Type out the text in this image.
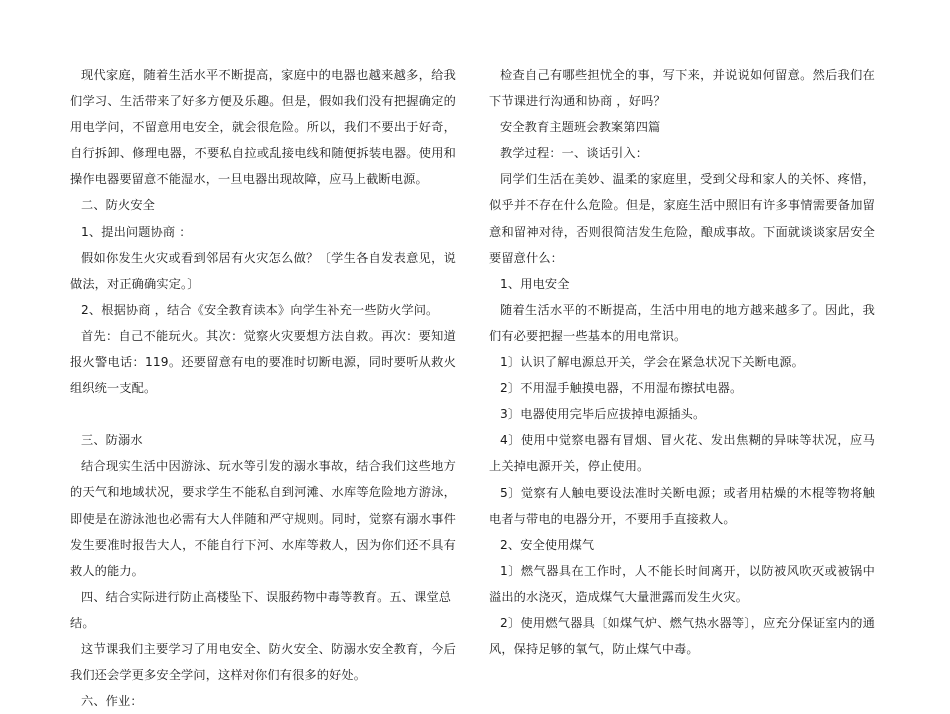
现代家庭，随着生活水平不断提高，家庭中的电器也越来越多，给我们学习、生活带来了好多方便及乐趣。但是，假如我们没有把握确定的用电学问，不留意用电安全，就会很危险。所以，我们不要出于好奇，自行拆卸、修理电器，不要私自拉或乱接电线和随便拆装电器。使用和操作电器要留意不能湿水，一旦电器出现故障，应马上截断电源。

二、防火安全

1、提出问题协商 ：

假如你发生火灾或看到邻居有火灾怎么做？〔学生各自发表意见，说做法，对正确确实定。〕

2、根据协商 ，结合《安全教育读本》向学生补充一些防火学问。

首先：自己不能玩火。其次：觉察火灾要想方法自救。再次：要知道报火警电话：119。还要留意有电的要准时切断电源，同时要听从救火组织统一支配。

三、防溺水

结合现实生活中因游泳、玩水等引发的溺水事故，结合我们这些地方的天气和地域状况，要求学生不能私自到河滩、水库等危险地方游泳，即使是在游泳池也必需有大人伴随和严守规则。同时，觉察有溺水事件发生要准时报告大人，不能自行下河、水库等救人，因为你们还不具有救人的能力。

四、结合实际进行防止高楼坠下、误服药物中毒等教育。五、课堂总结。

这节课我们主要学习了用电安全、防火安全、防溺水安全教育，今后我们还会学更多安全学问，这样对你们有很多的好处。

六、作业：

检查自己有哪些担忧全的事，写下来，并说说如何留意。然后我们在下节课进行沟通和协商 ，好吗？

安全教育主题班会教案第四篇

教学过程：一、谈话引入：

同学们生活在美妙、温柔的家庭里，受到父母和家人的关怀、疼惜，似乎并不存在什么危险。但是，家庭生活中照旧有许多事情需要备加留意和留神对待，否则很简洁发生危险，酿成事故。下面就谈谈家居安全要留意什么：

1、用电安全

随着生活水平的不断提高，生活中用电的地方越来越多了。因此，我们有必要把握一些基本的用电常识。

1〕认识了解电源总开关，学会在紧急状况下关断电源。

2〕不用湿手触摸电器，不用湿布擦拭电器。

3〕电器使用完毕后应拔掉电源插头。

4〕使用中觉察电器有冒烟、冒火花、发出焦糊的异味等状况，应马上关掉电源开关，停止使用。

5〕觉察有人触电要设法准时关断电源；或者用枯燥的木棍等物将触电者与带电的电器分开，不要用手直接救人。

2、安全使用煤气

1〕燃气器具在工作时，人不能长时间离开，以防被风吹灭或被锅中溢出的水浇灭，造成煤气大量泄露而发生火灾。

2〕使用燃气器具〔如煤气炉、燃气热水器等〕，应充分保证室内的通风，保持足够的氧气，防止煤气中毒。
